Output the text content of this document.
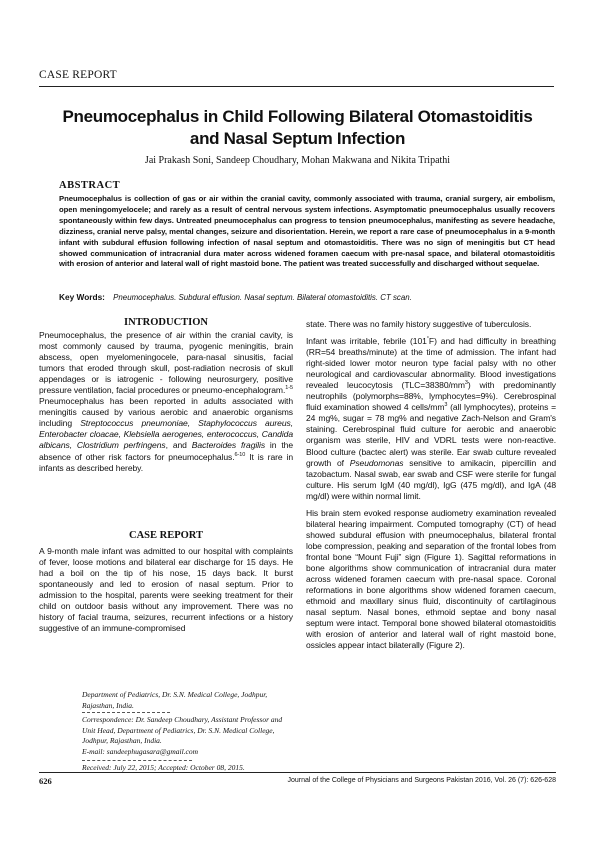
CASE REPORT
Pneumocephalus in Child Following Bilateral Otomastoiditis
and Nasal Septum Infection
Jai Prakash Soni, Sandeep Choudhary, Mohan Makwana and Nikita Tripathi
ABSTRACT
Pneumocephalus is collection of gas or air within the cranial cavity, commonly associated with trauma, cranial surgery, air embolism, open meningomyelocele; and rarely as a result of central nervous system infections. Asymptomatic pneumocephalus usually recovers spontaneously within few days. Untreated pneumocephalus can progress to tension pneumocephalus, manifesting as severe headache, dizziness, cranial nerve palsy, mental changes, seizure and disorientation. Herein, we report a rare case of pneumocephalus in a 9-month infant with subdural effusion following infection of nasal septum and otomastoiditis. There was no sign of meningitis but CT head showed communication of intracranial dura mater across widened foramen caecum with pre-nasal space, and bilateral otomastoiditis with erosion of anterior and lateral wall of right mastoid bone. The patient was treated successfully and discharged without sequelae.
Key Words: Pneumocephalus. Subdural effusion. Nasal septum. Bilateral otomastoiditis. CT scan.
INTRODUCTION

Pneumocephalus, the presence of air within the cranial cavity, is most commonly caused by trauma, pyogenic meningitis, brain abscess, open myelomeningocele, para-nasal sinusitis, facial tumors that eroded through skull, post-radiation necrosis of skull appendages or is iatrogenic - following neurosurgery, positive pressure ventilation, facial procedures or pneumo-encephalogram.$^{1-5}$ Pneumocephalus has been reported in adults associated with meningitis caused by various aerobic and anaerobic organisms including Streptococcus pneumoniae, Staphylococcus aureus, Enterobacter cloacae, Klebsiella aerogenes, enterococcus, Candida albicans, Clostridium perfringens, and Bacteroides fragilis in the absence of other risk factors for pneumocephalus.$^{6-10}$ It is rare in infants as described hereby.

CASE REPORT

A 9-month male infant was admitted to our hospital with complaints of fever, loose motions and bilateral ear discharge for 15 days. He had a boil on the tip of his nose, 15 days back. It burst spontaneously and led to erosion of nasal septum. Prior to admission to the hospital, parents were seeking treatment for their child on outdoor basis without any improvement. There was no history of facial trauma, seizures, recurrent infections or a history suggestive of an immune-compromised

Department of Pediatrics, Dr. S.N. Medical College, Jodhpur, Rajasthan, India.
Correspondence: Dr. Sandeep Choudhary, Assistant Professor and Unit Head, Department of Pediatrics, Dr. S.N. Medical College, Jodhpur, Rajasthan, India.
E-mail: sandeephugasara@gmail.com
Received: July 22, 2015; Accepted: October 08, 2015.

state. There was no family history suggestive of tuberculosis.

Infant was irritable, febrile (101°F) and had difficulty in breathing (RR=54 breaths/minute) at the time of admission. The infant had right-sided lower motor neuron type facial palsy with no other neurological and cardiovascular abnormality. Blood investigations revealed leucocytosis $(TLC=38380/mm^3)$ with predominantly neutrophils (polymorphs=88%, lymphocytes=9%). Cerebrospinal fluid examination showed 4 cells/$mm^3$ (all lymphocytes), proteins = 24 mg%, sugar = 78 mg% and negative Zach-Nelson and Gram's staining. Cerebrospinal fluid culture for aerobic and anaerobic organism was sterile, HIV and VDRL tests were non-reactive. Blood culture (bactec alert) was sterile. Ear swab culture revealed growth of Pseudomonas sensitive to amikacin, pipercillin and tazobactum. Nasal swab, ear swab and CSF were sterile for fungal culture. His serum IgM (40 mg/dl), IgG (475 mg/dl), and IgA (48 mg/dl) were within normal limit.

His brain stem evoked response audiometry examination revealed bilateral hearing impairment. Computed tomography (CT) of head showed subdural effusion with pneumocephalus, bilateral frontal lobe compression, peaking and separation of the frontal lobes from frontal bone “Mount Fuji” sign (Figure 1). Sagittal reformations in bone algorithms show communication of intracranial dura mater across widened foramen caecum with pre-nasal space. Coronal reformations in bone algorithms show widened foramen caecum, ethmoid and maxillary sinus fluid, discontinuity of cartilaginous nasal septum. Nasal bones, ethmoid septae and bony nasal septum were intact. Temporal bone showed bilateral otomastoiditis with erosion of anterior and lateral wall of right mastoid bone, ossicles appear intact bilaterally (Figure 2).

626	Journal of the College of Physicians and Surgeons Pakistan 2016, Vol. 26 (7): 626-628
